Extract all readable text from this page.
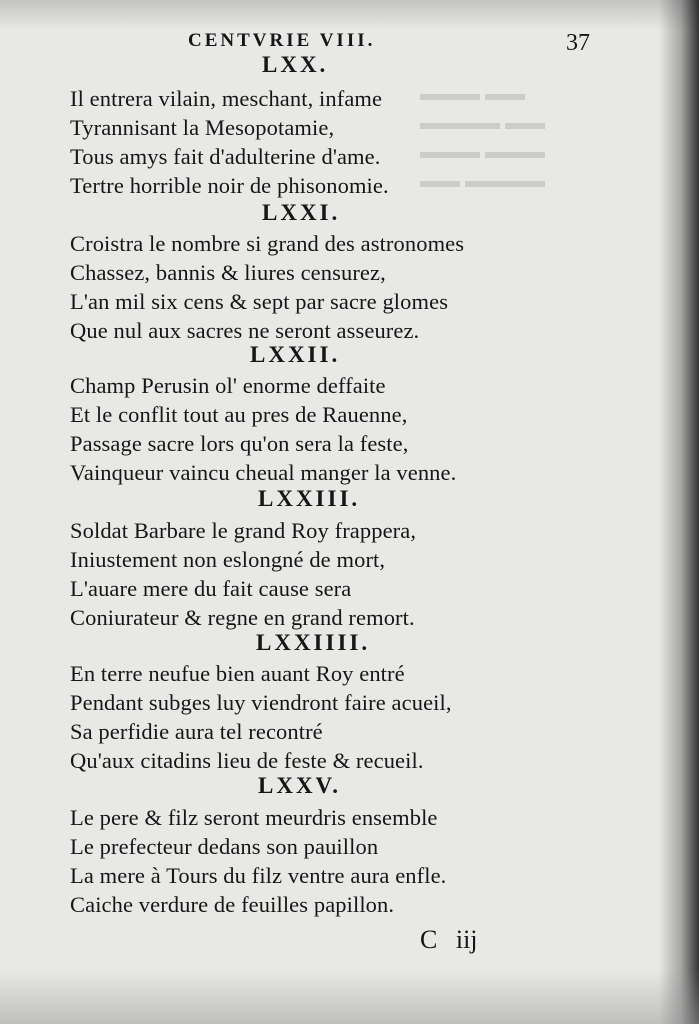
▬▬▬ ▬▬
▬▬▬▬ ▬▬
▬▬▬ ▬▬▬
▬▬ ▬▬▬▬
CENTVRIE VIII.	37
LXX.
Il entrera vilain, meschant, infame
Tyrannisant la Mesopotamie,
Tous amys fait d'adulterine d'ame.
Tertre horrible noir de phisonomie.
LXXI.
Croistra le nombre si grand des astronomes
Chassez, bannis & liures censurez,
L'an mil six cens & sept par sacre glomes
Que nul aux sacres ne seront asseurez.
LXXII.
Champ Perusin ol' enorme deffaite
Et le conflit tout au pres de Rauenne,
Passage sacre lors qu'on sera la feste,
Vainqueur vaincu cheual manger la venne.
LXXIII.
Soldat Barbare le grand Roy frappera,
Iniustement non eslongné de mort,
L'auare mere du fait cause sera
Coniurateur & regne en grand remort.
LXXIIII.
En terre neufue bien auant Roy entré
Pendant subges luy viendront faire acueil,
Sa perfidie aura tel recontré
Qu'aux citadins lieu de feste & recueil.
LXXV.
Le pere & filz seront meurdris ensemble
Le prefecteur dedans son pauillon
La mere à Tours du filz ventre aura enfle.
Caiche verdure de feuilles papillon.
C iij
